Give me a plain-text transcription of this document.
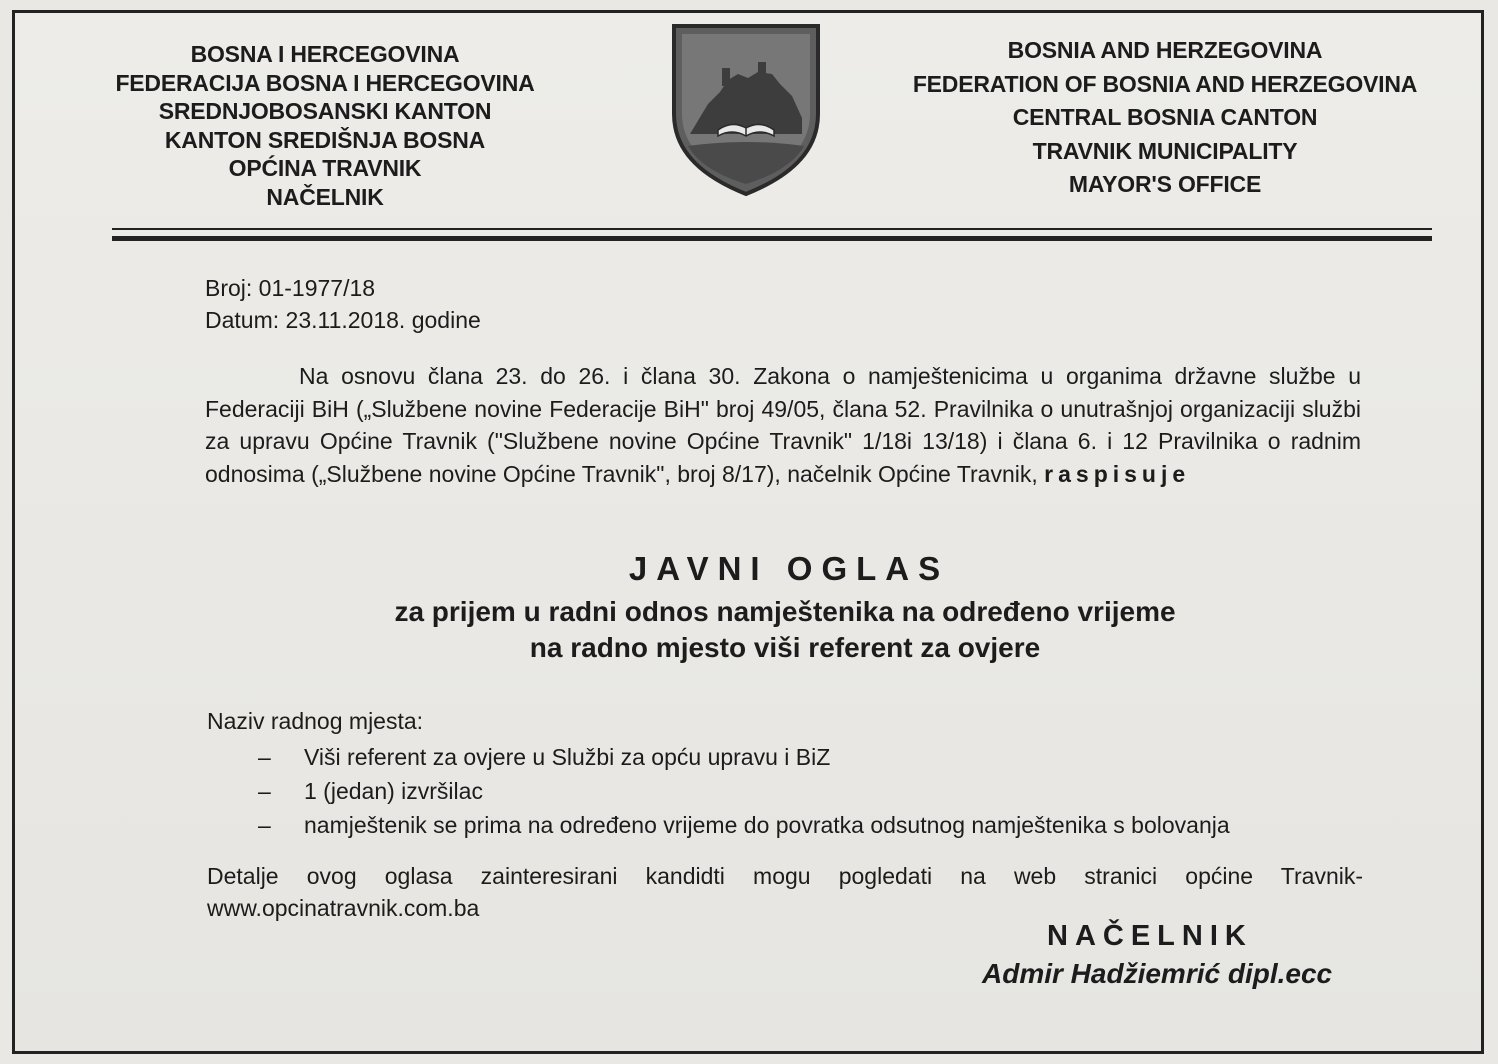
BOSNA I HERCEGOVINA
FEDERACIJA BOSNA I HERCEGOVINA
SREDNJOBOSANSKI KANTON
KANTON SREDIŠNJA BOSNA
OPĆINA TRAVNIK
NAČELNIK
BOSNIA AND HERZEGOVINA
FEDERATION OF BOSNIA AND HERZEGOVINA
CENTRAL BOSNIA CANTON
TRAVNIK MUNICIPALITY
MAYOR'S OFFICE
Broj: 01-1977/18
Datum: 23.11.2018. godine
Na osnovu člana 23. do 26. i člana 30. Zakona o namještenicima u organima državne službe u Federaciji BiH („Službene novine Federacije BiH" broj 49/05, člana 52. Pravilnika o unutrašnjoj organizaciji službi za upravu Općine Travnik ("Službene novine Općine Travnik" 1/18i 13/18) i člana 6. i 12 Pravilnika o radnim odnosima („Službene novine Općine Travnik", broj 8/17), načelnik Općine Travnik, raspisuje
JAVNI OGLAS
za prijem u radni odnos namještenika na određeno vrijeme
na radno mjesto viši referent za ovjere
Naziv radnog mjesta:
– Viši referent za ovjere u Službi za opću upravu i BiZ
– 1 (jedan) izvršilac
– namještenik se prima na određeno vrijeme do povratka odsutnog namještenika s bolovanja
Detalje ovog oglasa zainteresirani kandidti mogu pogledati na web stranici općine Travnik-www.opcinatravnik.com.ba
NAČELNIK
Admir Hadžiemrić dipl.ecc
